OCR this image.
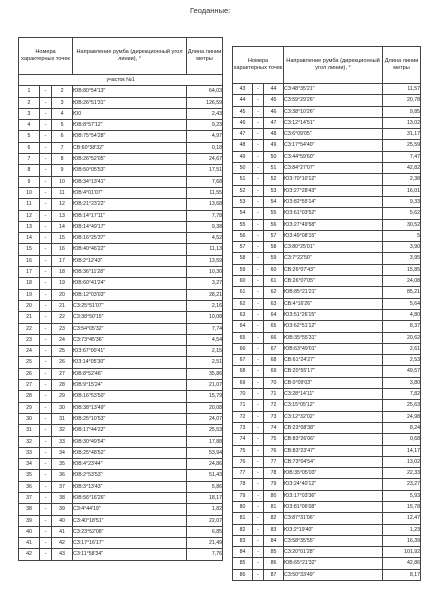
Геоданные:
Номера характерных точек			Направление румба (дирекционный угол линии), °	Длина линии метры
участок №1				
1	-	2	ЮВ:80°54'13"	64,03
2	-	3	ЮВ:26°51'31"	126,59
3	-	4	Ю0	2,43
4	-	5	ЮВ:8°57'12"	9,23
5	-	6	ЮВ:75°54'28"	4,97
6	-	7	СВ:60°38'32"	0,18
7	-	8	ЮВ:26°52'05"	24,67
8	-	9	ЮВ:50°05'53"	17,51
9	-	10	ЮВ:34°13'41"	7,68
10	-	11	ЮВ:4°01'07"	11,55
11	-	12	ЮВ:21°23'22"	13,68
12	-	13	ЮВ:14°17'11"	7,78
13	-	14	ЮВ:14°49'17"	9,38
14	-	15	ЮВ:16°25'37"	4,52
15	-	16	ЮВ:40°46'22"	11,13
16	-	17	ЮВ:2°12'43"	13,59
17	-	18	ЮВ:36°11'28"	10,30
18	-	19	ЮВ:60°41'24"	3,27
19	-	20	ЮВ:12°03'03"	28,21
20	-	21	СЗ:25°51'07"	2,16
21	-	22	СЗ:38°50'15"	10,08
22	-	23	СЗ:54°05'32"	7,74
23	-	24	СЗ:73°45'36"	4,54
24	-	25	ЮЗ:67°00'41"	2,15
25	-	26	ЮЗ:14°05'30"	2,51
26	-	27	ЮВ:8°52'46"	35,86
27	-	28	ЮВ:9°15'24"	21,07
28	-	29	ЮВ:16°53'50"	15,79
29	-	30	ЮВ:38°13'49"	20,08
30	-	31	ЮВ:25°10'53"	24,07
31	-	32	ЮВ:17°44'22"	25,53
32	-	33	ЮВ:30°49'54"	17,88
33	-	34	ЮВ:25°48'52"	53,94
34	-	35	ЮВ:4°23'44"	24,86
35	-	36	ЮВ:2°53'53"	51,43
36	-	37	ЮВ:3°13'43"	5,86
37	-	38	ЮВ:56°16'26"	18,17
38	-	39	СЗ:4°44'19"	1,82
39	-	40	СЗ:40°18'51"	22,07
40	-	41	СЗ:23°52'08"	6,85
41	-	42	СЗ:17°16'17"	21,49
42	-	43	СЗ:11°58'34"	7,76
Номера характерных точек			Направление румба (дирекционный угол линии), °	Длина линии метры
43	-	44	СЗ:48°35'21"	11,57
44	-	45	СЗ:59°29'26"	20,78
45	-	46	СЗ:38°10'26"	9,85
46	-	47	СЗ:12°14'51"	13,02
47	-	48	СЗ:6°09'05"	31,17
48	-	49	СЗ:17°54'40"	25,59
49	-	50	СЗ:44°59'60"	7,47
50	-	51	СЗ:84°27'07"	42,82
51	-	52	ЮЗ:70°10'12"	2,38
52	-	53	ЮЗ:27°28'43"	16,01
53	-	54	ЮЗ:82°55'14"	9,33
54	-	55	ЮЗ:61°03'52"	5,62
55	-	56	ЮЗ:27°49'58"	30,52
56	-	57	ЮЗ:49°08'15"	5
57	-	58	СЗ:80°25'01"	3,90
58	-	59	СЗ:7°22'50"	3,95
59	-	60	СВ:26°07'43"	15,85
60	-	61	СВ:26°07'05"	24,08
61	-	62	ЮВ:85°21'21"	85,21
62	-	63	СВ:4°16'26"	5,64
63	-	64	ЮЗ:51°26'15"	4,80
64	-	65	ЮЗ:62°51'12"	8,37
65	-	66	ЮВ:35°55'31"	20,62
66	-	67	ЮВ:63°49'01"	2,61
67	-	68	СВ:61°24'27"	2,53
68	-	69	СВ:20°55'17"	49,57
69	-	70	СВ:0°09'03"	3,80
70	-	71	СЗ:28°14'11"	7,82
71	-	72	СЗ:15°05'12"	25,63
72	-	73	СЗ:12°32'02"	24,98
73	-	74	СВ:23°08'38"	8,24
74	-	75	СВ:83°26'06"	0,68
75	-	76	СВ:83°23'47"	14,17
76	-	77	СВ:73°04'54"	13,02
77	-	78	ЮВ:35°05'03"	22,33
78	-	79	ЮЗ:24°40'12"	23,27
79	-	80	ЮЗ:17°03'36"	5,93
80	-	81	ЮЗ:81°06'08"	15,78
81	-	82	СЗ:87°31'06"	12,47
82	-	83	ЮЗ:2°19'40"	1,23
83	-	84	СЗ:58°35'55"	16,39
84	-	85	СЗ:20°01'28"	101,92
85	-	86	ЮВ:65°21'32"	42,86
86	-	87	СЗ:50°33'49"	8,17
